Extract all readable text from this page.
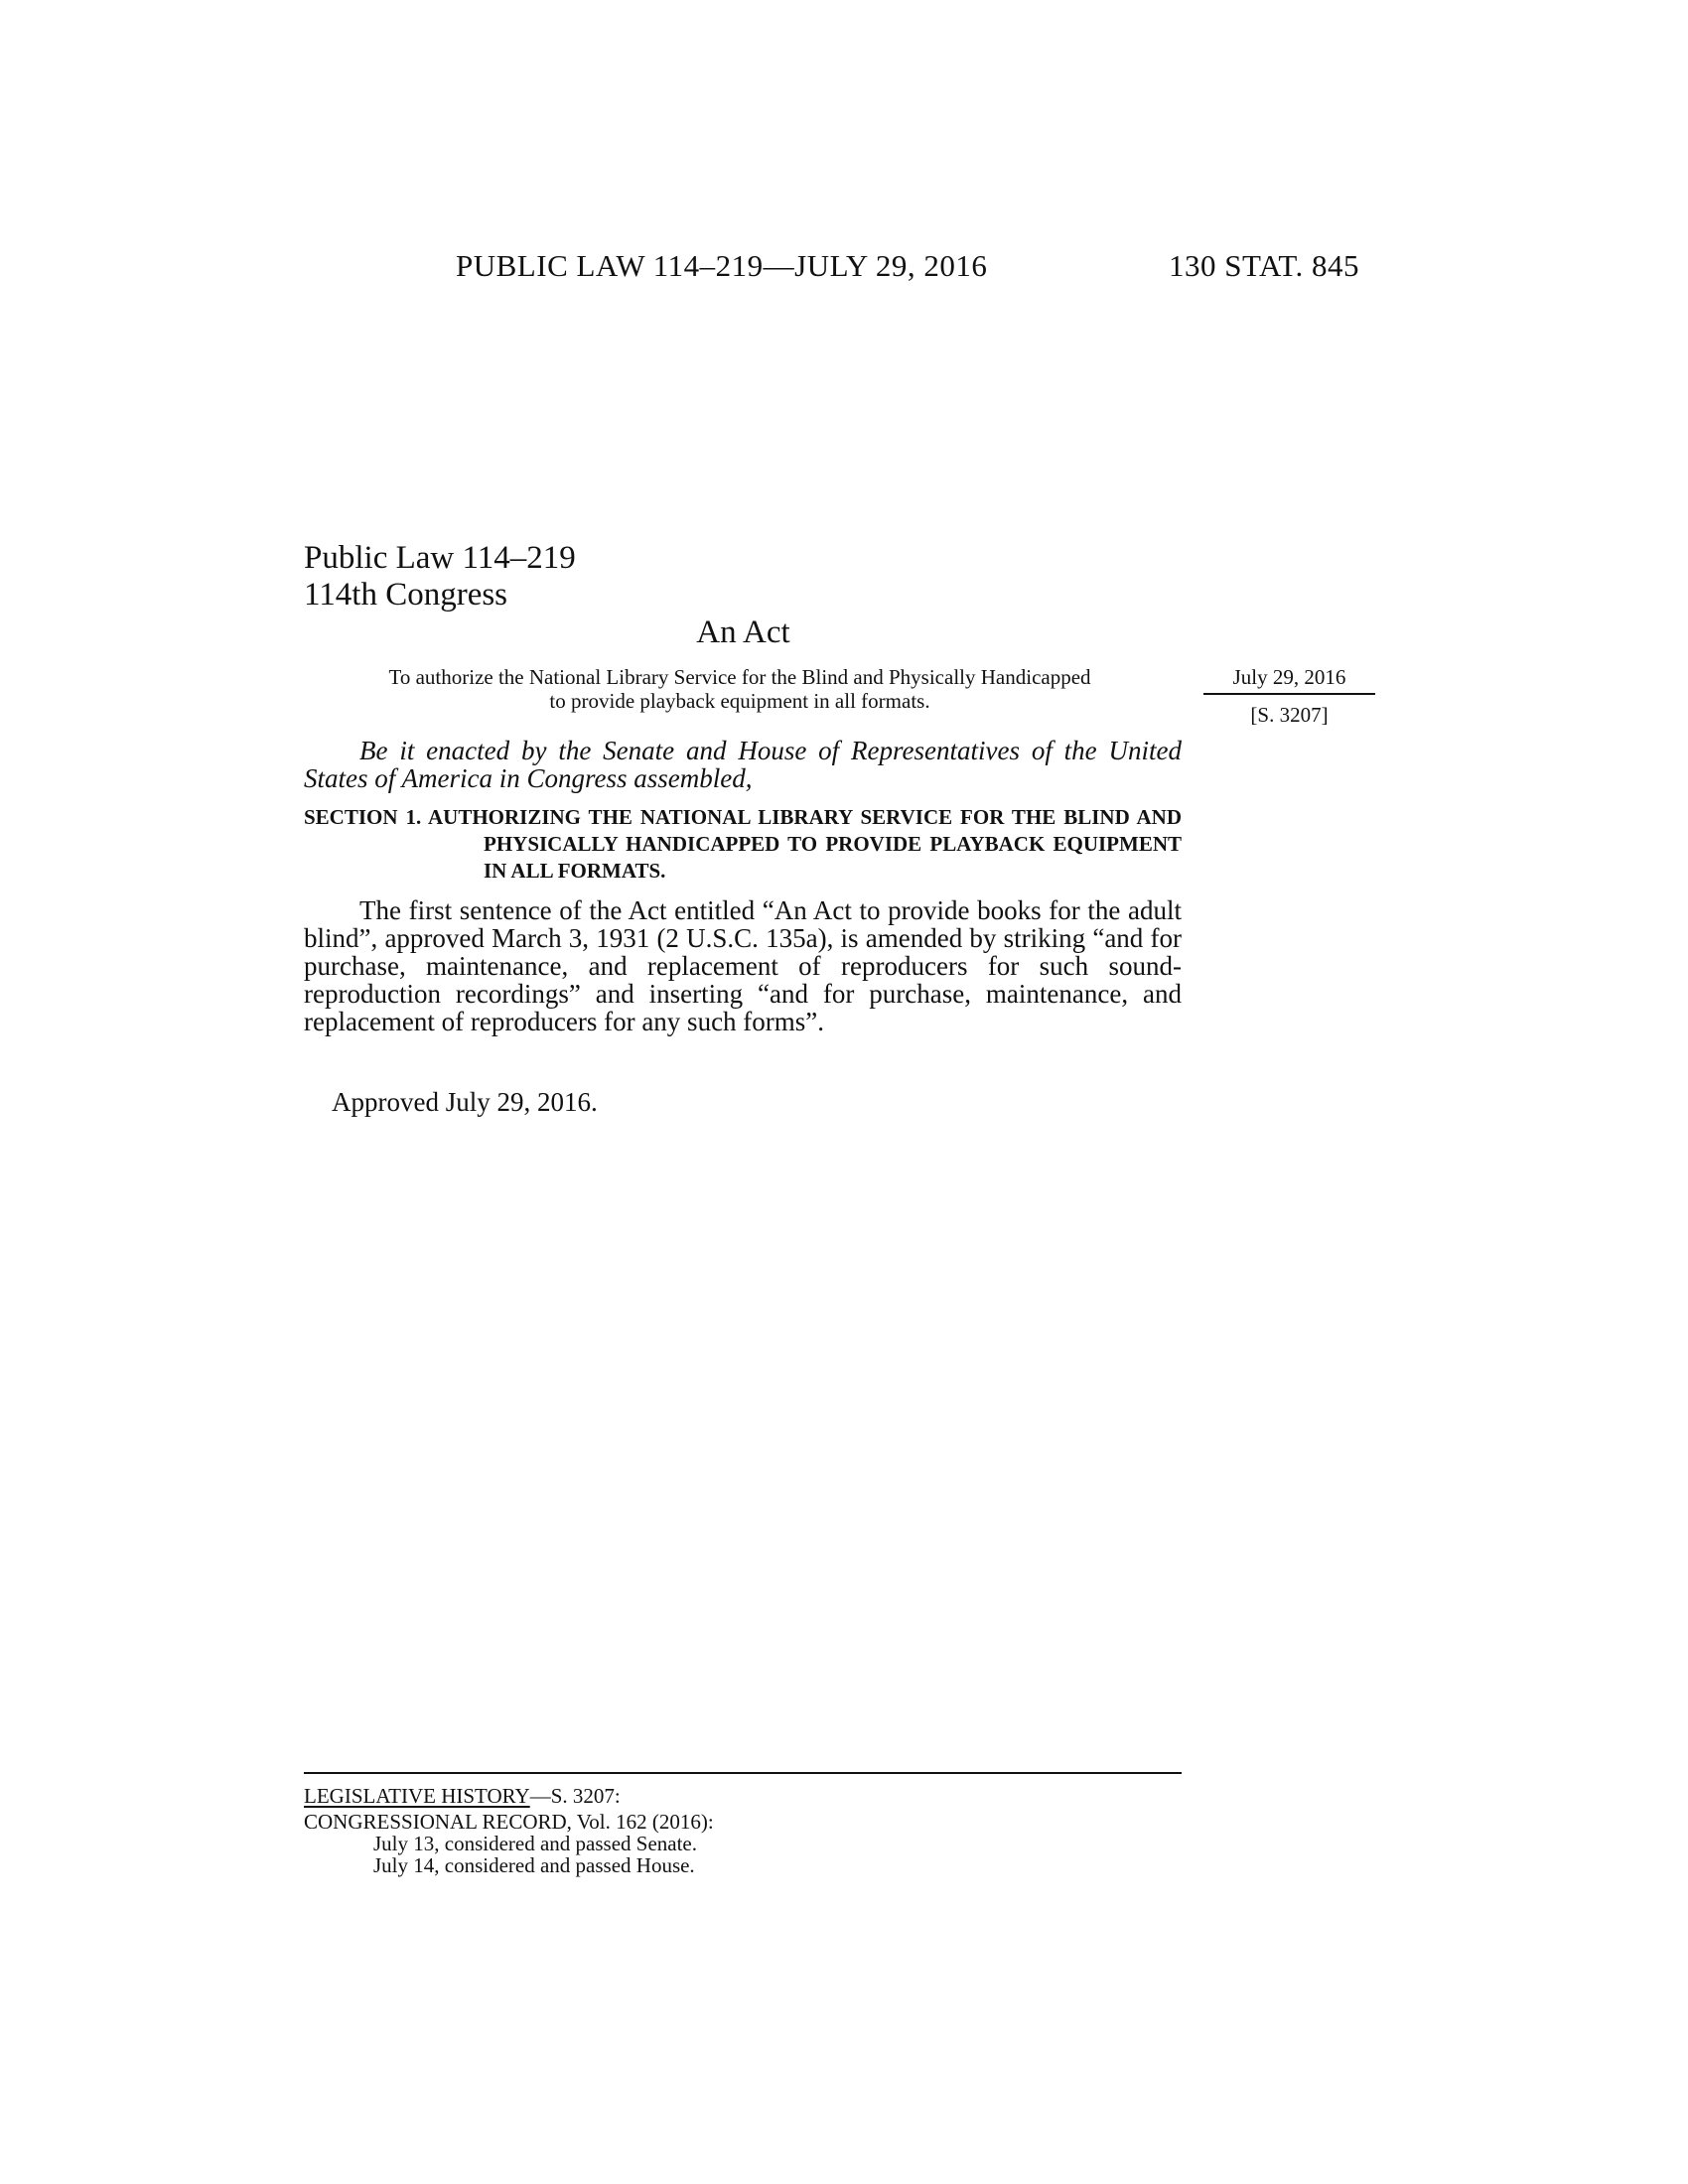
PUBLIC LAW 114–219—JULY 29, 2016	130 STAT. 845
Public Law 114–219
114th Congress
An Act
To authorize the National Library Service for the Blind and Physically Handicapped
to provide playback equipment in all formats.
July 29, 2016
[S. 3207]
Be it enacted by the Senate and House of Representatives of the United States of America in Congress assembled,
SECTION 1. AUTHORIZING THE NATIONAL LIBRARY SERVICE FOR THE BLIND AND PHYSICALLY HANDICAPPED TO PROVIDE PLAYBACK EQUIPMENT IN ALL FORMATS.
The first sentence of the Act entitled “An Act to provide books for the adult blind”, approved March 3, 1931 (2 U.S.C. 135a), is amended by striking “and for purchase, maintenance, and replacement of reproducers for such sound-reproduction recordings” and inserting “and for purchase, maintenance, and replacement of reproducers for any such forms”.
Approved July 29, 2016.
LEGISLATIVE HISTORY—S. 3207:
CONGRESSIONAL RECORD, Vol. 162 (2016):
July 13, considered and passed Senate.
July 14, considered and passed House.
